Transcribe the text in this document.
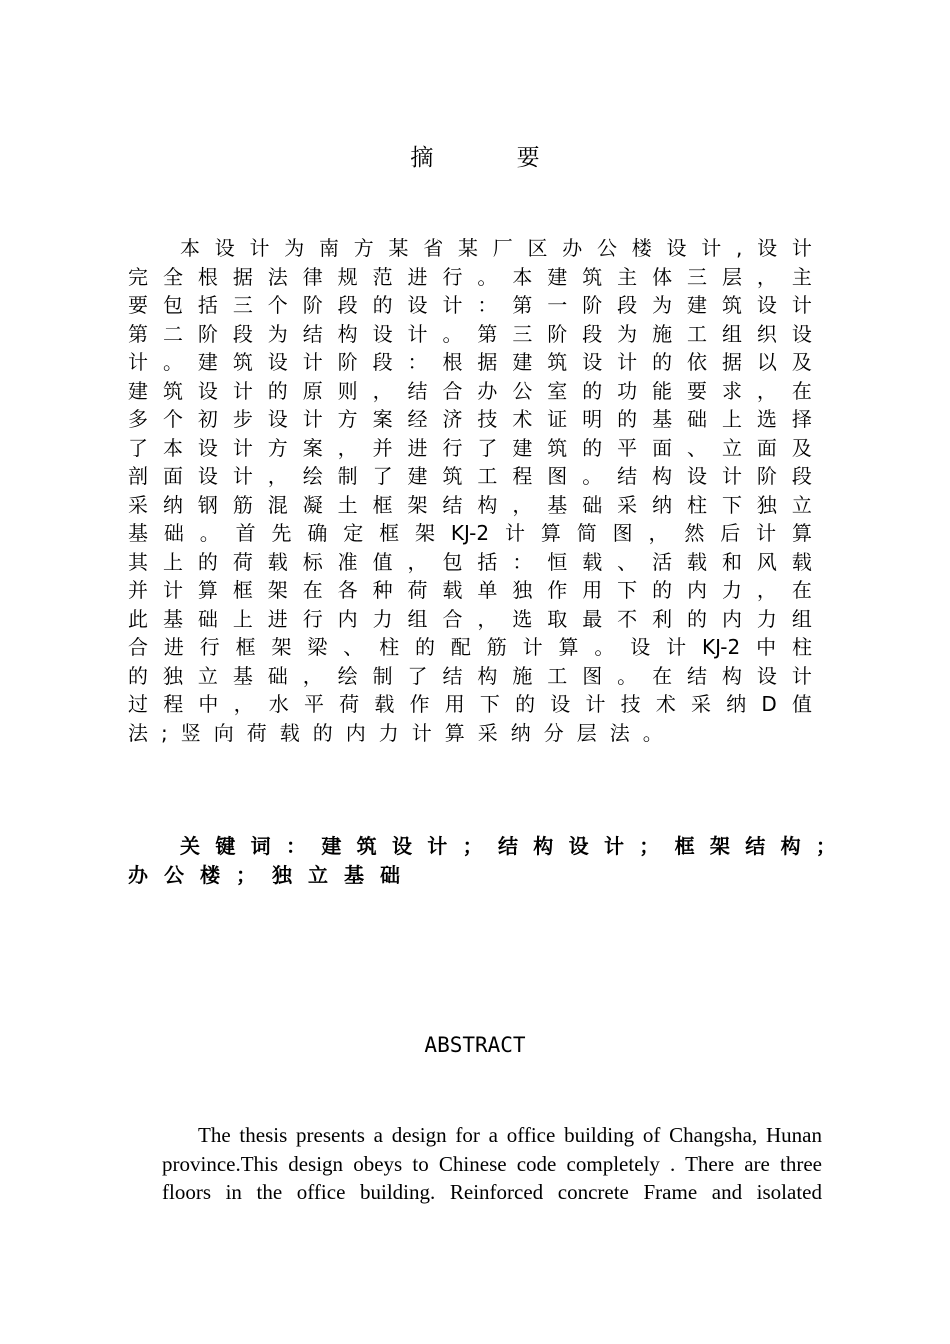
摘 要
本 设 计 为 南 方 某 省 某 厂 区 办 公 楼 设 计 , 设 计
完 全 根 据 法 律 规 范 进 行 。 本 建 筑 主 体 三 层 ， 主
要 包 括 三 个 阶 段 的 设 计 ： 第 一 阶 段 为 建 筑 设 计
第 二 阶 段 为 结 构 设 计 。 第 三 阶 段 为 施 工 组 织 设
计 。 建 筑 设 计 阶 段 ： 根 据 建 筑 设 计 的 依 据 以 及
建 筑 设 计 的 原 则 ， 结 合 办 公 室 的 功 能 要 求 ， 在
多 个 初 步 设 计 方 案 经 济 技 术 证 明 的 基 础 上 选 择
了 本 设 计 方 案 ， 并 进 行 了 建 筑 的 平 面 、 立 面 及
剖 面 设 计 ， 绘 制 了 建 筑 工 程 图 。 结 构 设 计 阶 段
采 纳 钢 筋 混 凝 土 框 架 结 构 ， 基 础 采 纳 柱 下 独 立
基 础 。 首 先 确 定 框 架 KJ-2 计 算 简 图 ， 然 后 计 算
其 上 的 荷 载 标 准 值 ， 包 括 ： 恒 载 、 活 载 和 风 载
并 计 算 框 架 在 各 种 荷 载 单 独 作 用 下 的 内 力 ， 在
此 基 础 上 进 行 内 力 组 合 ， 选 取 最 不 利 的 内 力 组
合 进 行 框 架 梁 、 柱 的 配 筋 计 算 。 设 计 KJ-2 中 柱
的 独 立 基 础 ， 绘 制 了 结 构 施 工 图 。 在 结 构 设 计
过 程 中 ， 水 平 荷 载 作 用 下 的 设 计 技 术 采 纳 D 值
法 ; 竖 向 荷 载 的 内 力 计 算 采 纳 分 层 法 。
关 键 词 ： 建 筑 设 计 ； 结 构 设 计 ； 框 架 结 构 ；
办 公 楼 ； 独 立 基 础
ABSTRACT
The thesis presents a design for a office building of Changsha, Hunan
province.This design obeys to Chinese code completely . There are three
floors in the office building. Reinforced concrete Frame and isolated
